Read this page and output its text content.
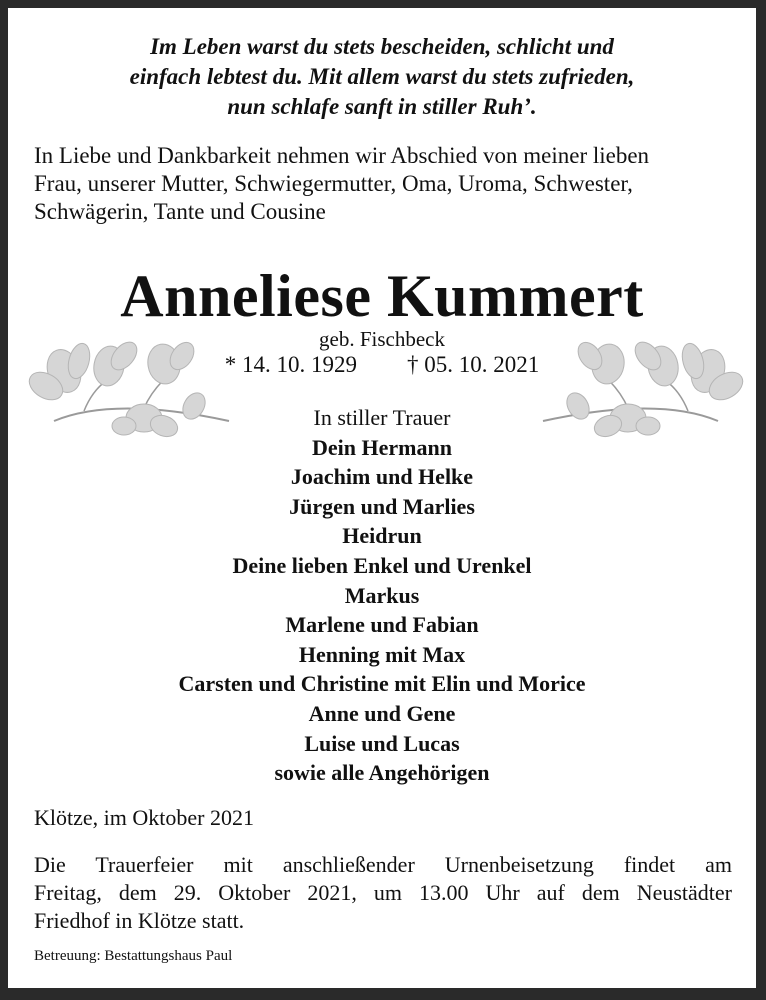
Im Leben warst du stets bescheiden, schlicht und
einfach lebtest du. Mit allem warst du stets zufrieden,
nun schlafe sanft in stiller Ruh’.
In Liebe und Dankbarkeit nehmen wir Abschied von meiner lieben
Frau, unserer Mutter, Schwiegermutter, Oma, Uroma, Schwester,
Schwägerin, Tante und Cousine
Anneliese Kummert
geb. Fischbeck
* 14. 10. 1929 † 05. 10. 2021
In stiller Trauer
Dein Hermann
Joachim und Helke
Jürgen und Marlies
Heidrun
Deine lieben Enkel und Urenkel
Markus
Marlene und Fabian
Henning mit Max
Carsten und Christine mit Elin und Morice
Anne und Gene
Luise und Lucas
sowie alle Angehörigen
Klötze, im Oktober 2021
Die Trauerfeier mit anschließender Urnenbeisetzung findet am
Freitag, dem 29. Oktober 2021, um 13.00 Uhr auf dem Neustädter
Friedhof in Klötze statt.
Betreuung: Bestattungshaus Paul
